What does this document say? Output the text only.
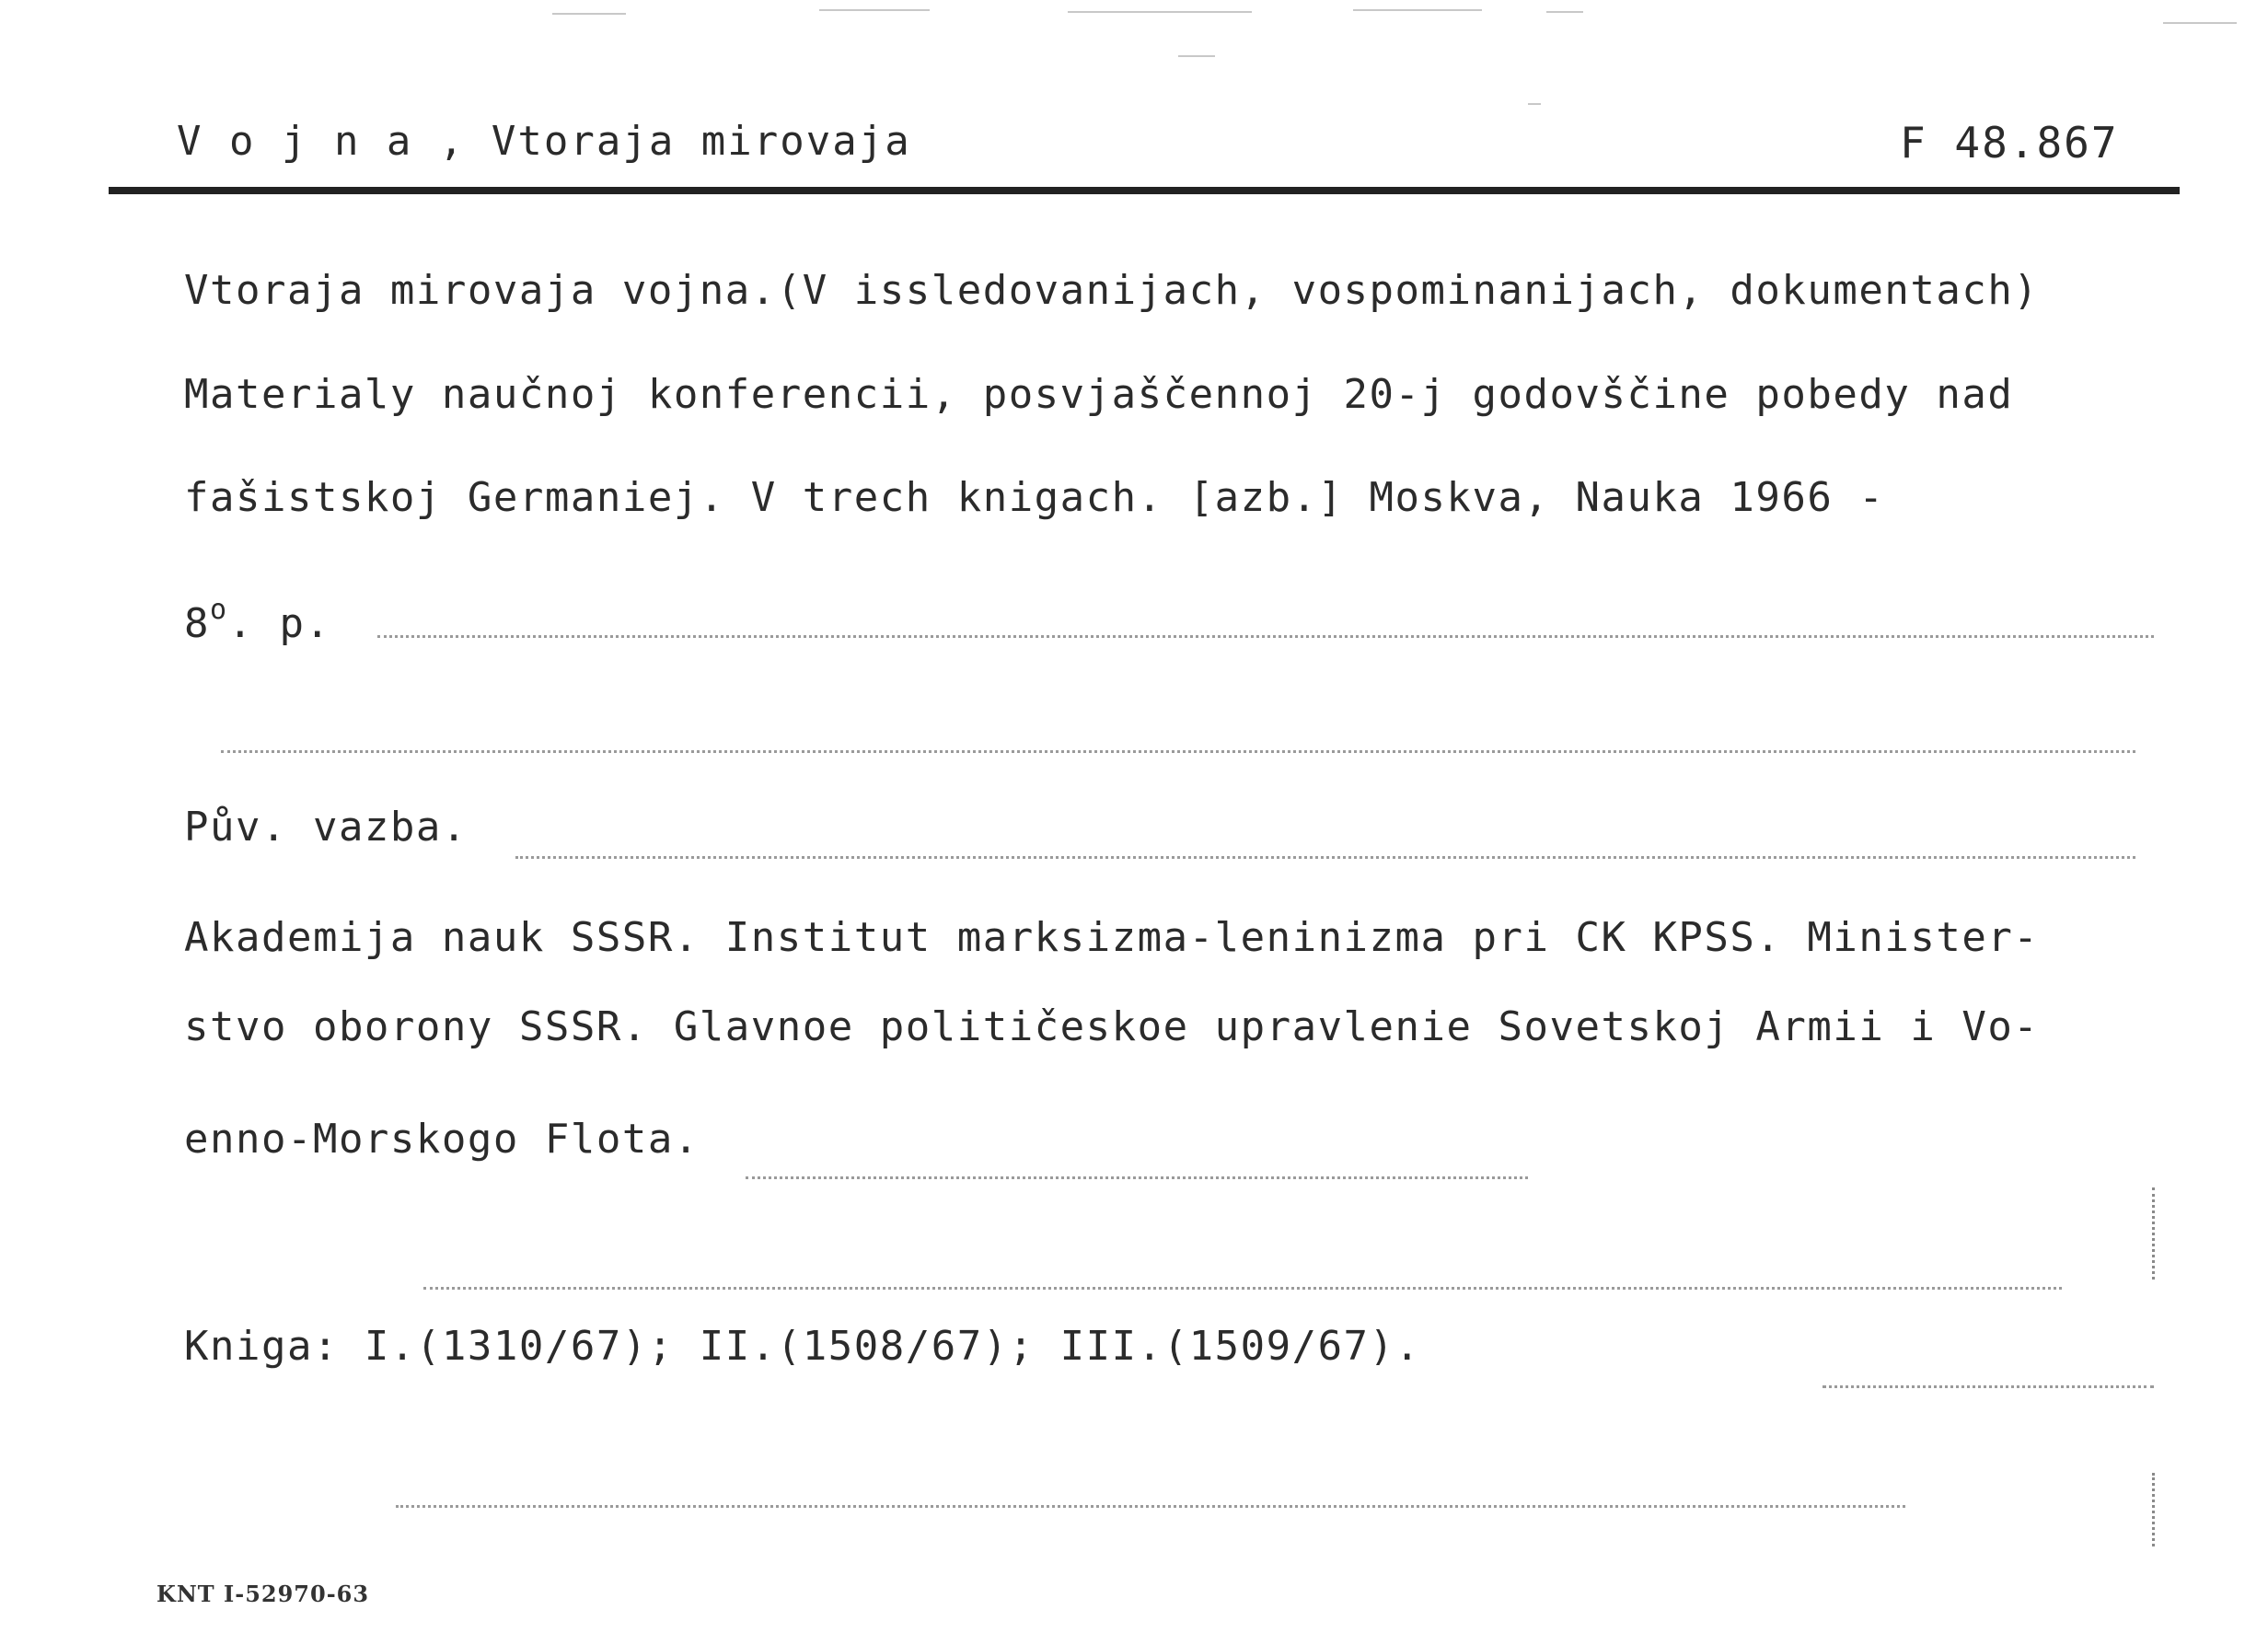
V o j n a , Vtoraja mirovaja	F 48.867
Vtoraja mirovaja vojna.(V issledovanijach, vospominanijach, dokumentach)
Materialy naučnoj konferencii, posvjaščennoj 20-j godovščine pobedy nad
fašistskoj Germaniej. V trech knigach. [azb.] Moskva, Nauka 1966 -
8$^o$. p.
Pův. vazba.
Akademija nauk SSSR. Institut marksizma-leninizma pri CK KPSS. Minister-
stvo oborony SSSR. Glavnoe političeskoe upravlenie Sovetskoj Armii i Vo-
enno-Morskogo Flota.
Kniga: I.(1310/67); II.(1508/67); III.(1509/67).
KNT I-52970-63
